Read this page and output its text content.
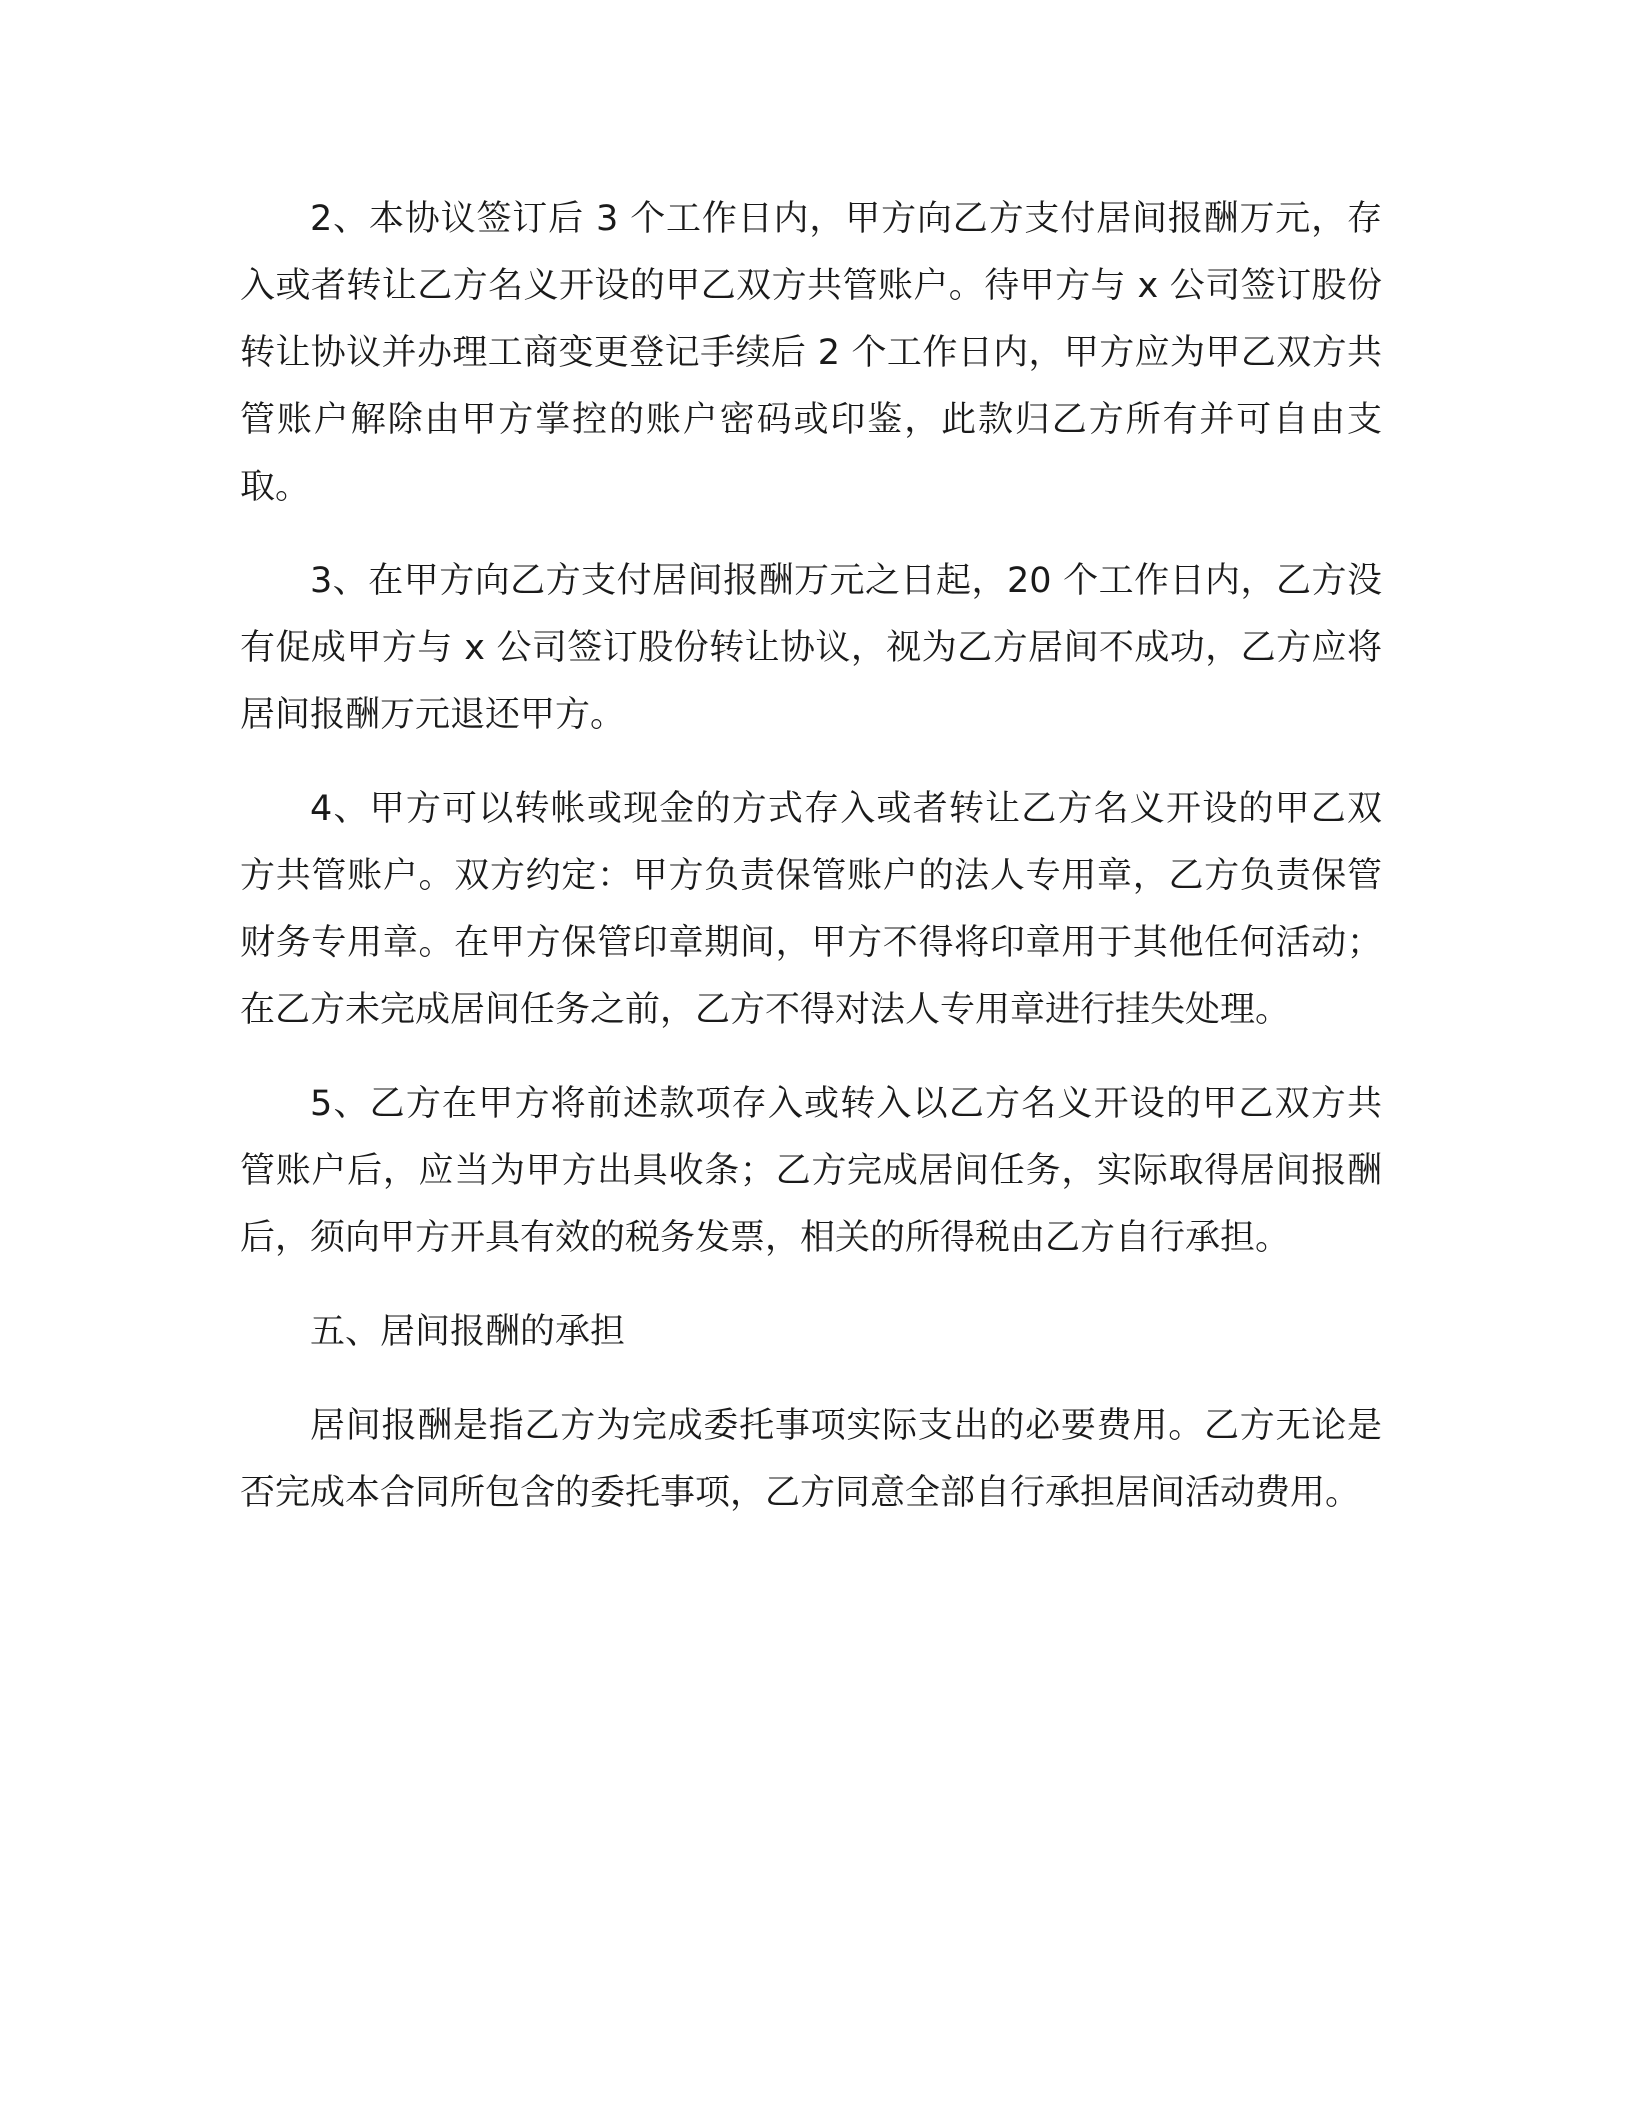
2、本协议签订后 3 个工作日内，甲方向乙方支付居间报酬万元，存入或者转让乙方名义开设的甲乙双方共管账户。待甲方与 x 公司签订股份转让协议并办理工商变更登记手续后 2 个工作日内，甲方应为甲乙双方共管账户解除由甲方掌控的账户密码或印鉴，此款归乙方所有并可自由支取。

3、在甲方向乙方支付居间报酬万元之日起，20 个工作日内，乙方没有促成甲方与 x 公司签订股份转让协议，视为乙方居间不成功，乙方应将居间报酬万元退还甲方。

4、甲方可以转帐或现金的方式存入或者转让乙方名义开设的甲乙双方共管账户。双方约定：甲方负责保管账户的法人专用章，乙方负责保管财务专用章。在甲方保管印章期间，甲方不得将印章用于其他任何活动；在乙方未完成居间任务之前，乙方不得对法人专用章进行挂失处理。

5、乙方在甲方将前述款项存入或转入以乙方名义开设的甲乙双方共管账户后，应当为甲方出具收条；乙方完成居间任务，实际取得居间报酬后，须向甲方开具有效的税务发票，相关的所得税由乙方自行承担。

五、居间报酬的承担

居间报酬是指乙方为完成委托事项实际支出的必要费用。乙方无论是否完成本合同所包含的委托事项，乙方同意全部自行承担居间活动费用。
